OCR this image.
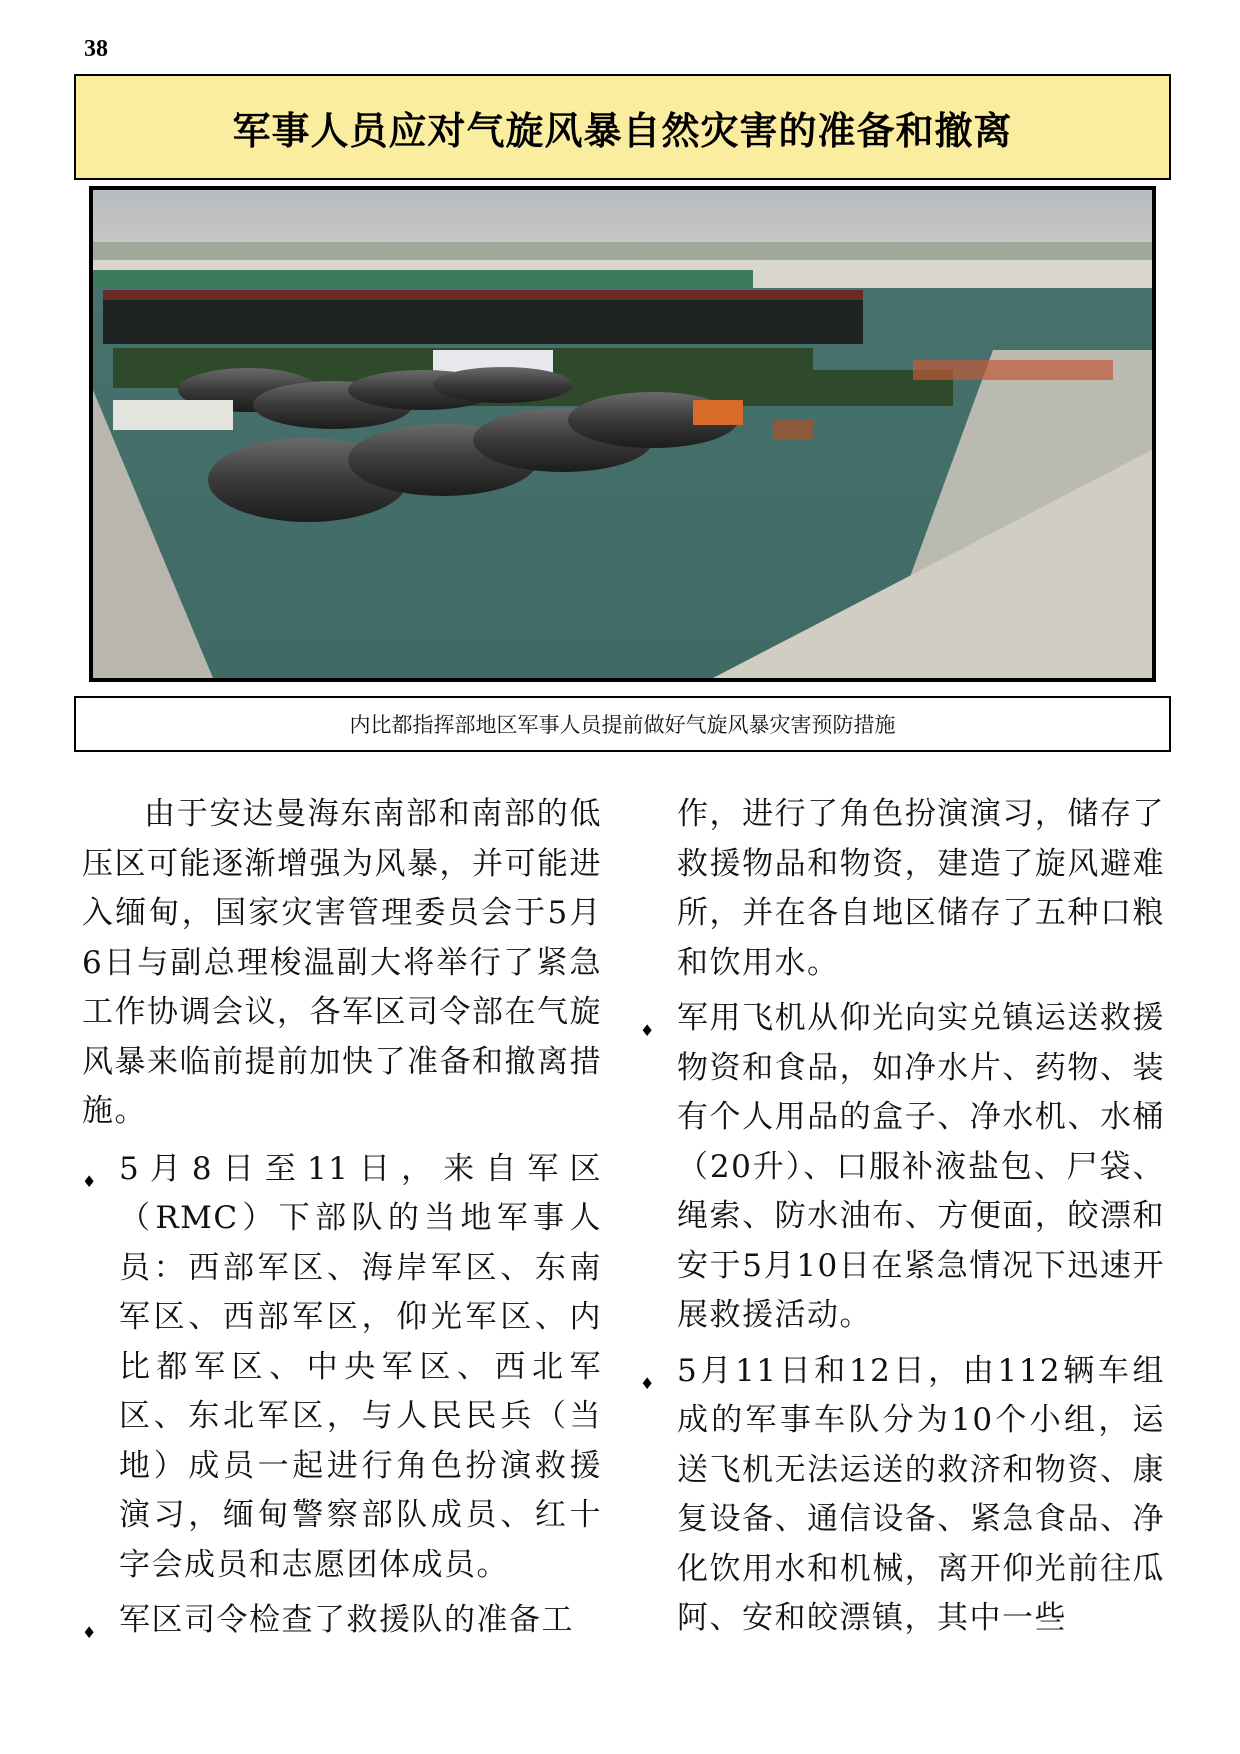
38
军事人员应对气旋风暴自然灾害的准备和撤离
内比都指挥部地区军事人员提前做好气旋风暴灾害预防措施

由于安达曼海东南部和南部的低压区可能逐渐增强为风暴，并可能进入缅甸，国家灾害管理委员会于5月6日与副总理梭温副大将举行了紧急工作协调会议，各军区司令部在气旋风暴来临前提前加快了准备和撤离措施。

♦
5月8日至11日，来自军区（RMC）下部队的当地军事人员：西部军区、海岸军区、东南军区、西部军区，仰光军区、内比都军区、中央军区、西北军区、东北军区，与人民民兵（当地）成员一起进行角色扮演救援演习，缅甸警察部队成员、红十字会成员和志愿团体成员。
♦
军区司令检查了救援队的准备工
作，进行了角色扮演演习，储存了救援物品和物资，建造了旋风避难所，并在各自地区储存了五种口粮和饮用水。
♦
军用飞机从仰光向实兑镇运送救援物资和食品，如净水片、药物、装有个人用品的盒子、净水机、水桶（20升）、口服补液盐包、尸袋、绳索、防水油布、方便面，皎漂和安于5月10日在紧急情况下迅速开展救援活动。
♦
5月11日和12日，由112辆车组成的军事车队分为10个小组，运送飞机无法运送的救济和物资、康复设备、通信设备、紧急食品、净化饮用水和机械，离开仰光前往瓜阿、安和皎漂镇，其中一些
